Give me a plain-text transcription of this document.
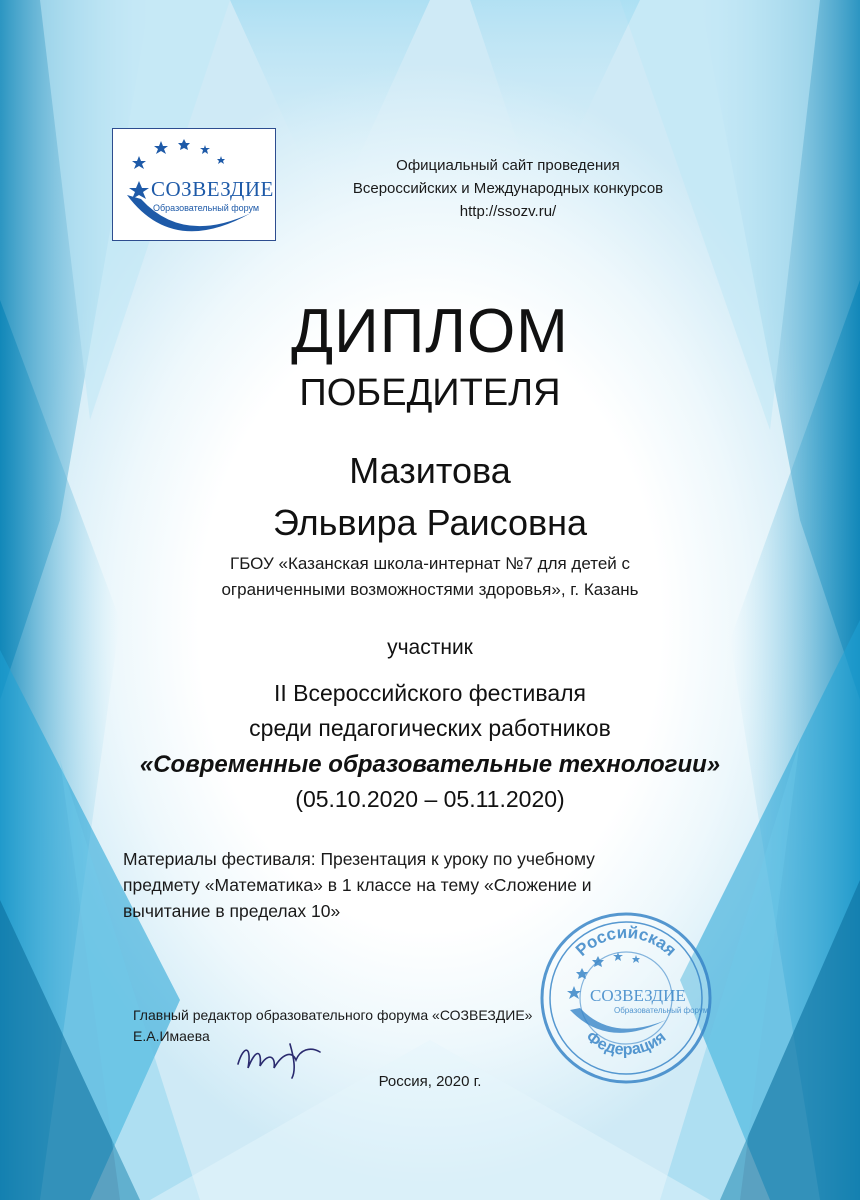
СОЗВЕЗДИЕ
Образовательный форум
Официальный сайт проведения
Всероссийских и Международных конкурсов
http://ssozv.ru/
ДИПЛОМ
ПОБЕДИТЕЛЯ
Мазитова
Эльвира Раисовна
ГБОУ «Казанская школа-интернат №7 для детей с
ограниченными возможностями здоровья», г. Казань
участник
II Всероссийского фестиваля
среди педагогических работников
«Современные образовательные технологии»
(05.10.2020 – 05.11.2020)
Материалы фестиваля: Презентация к уроку по учебному
предмету «Математика» в 1 классе на тему «Сложение и
вычитание в пределах 10»
Российская
Федерация
СОЗВЕЗДИЕ
Образовательный форум
Главный редактор образовательного форума «СОЗВЕЗДИЕ»
Е.А.Имаева
Россия, 2020 г.
